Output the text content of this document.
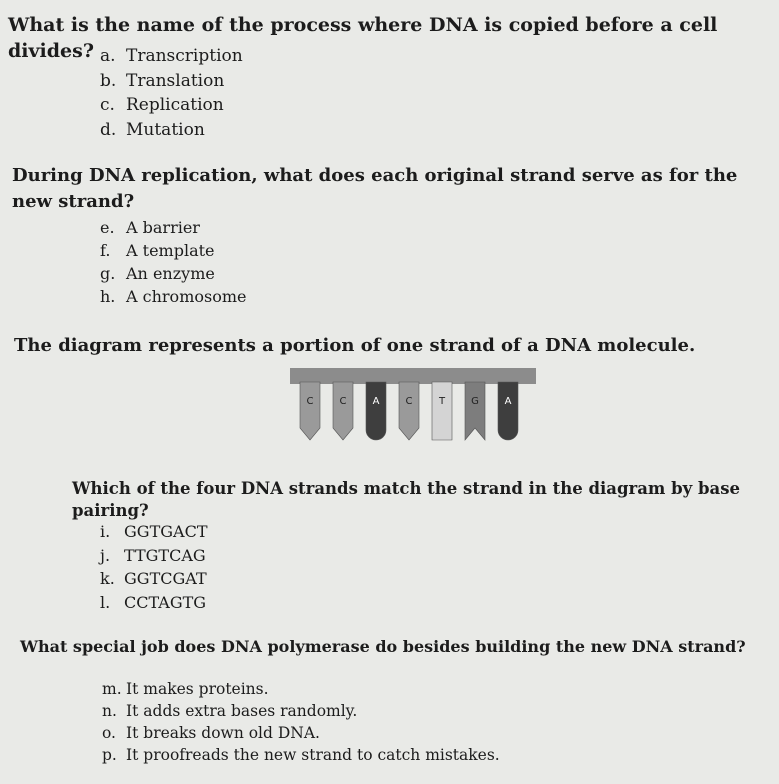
What is the name of the process where DNA is copied before a cell divides? a. Transcription
b. Translation
c. Replication
d. Mutation
During DNA replication, what does each original strand serve as for the new strand?
e. A barrier
f. A template
g. An enzyme
h. A chromosome
The diagram represents a portion of one strand of a DNA molecule.
C	C	A	C	T	G	A
Which of the four DNA strands match the strand in the diagram by base pairing?
i. GGTGACT
j. TTGTCAG
k. GGTCGAT
l. CCTAGTG
What special job does DNA polymerase do besides building the new DNA strand?
m. It makes proteins.
n. It adds extra bases randomly.
o. It breaks down old DNA.
p. It proofreads the new strand to catch mistakes.
